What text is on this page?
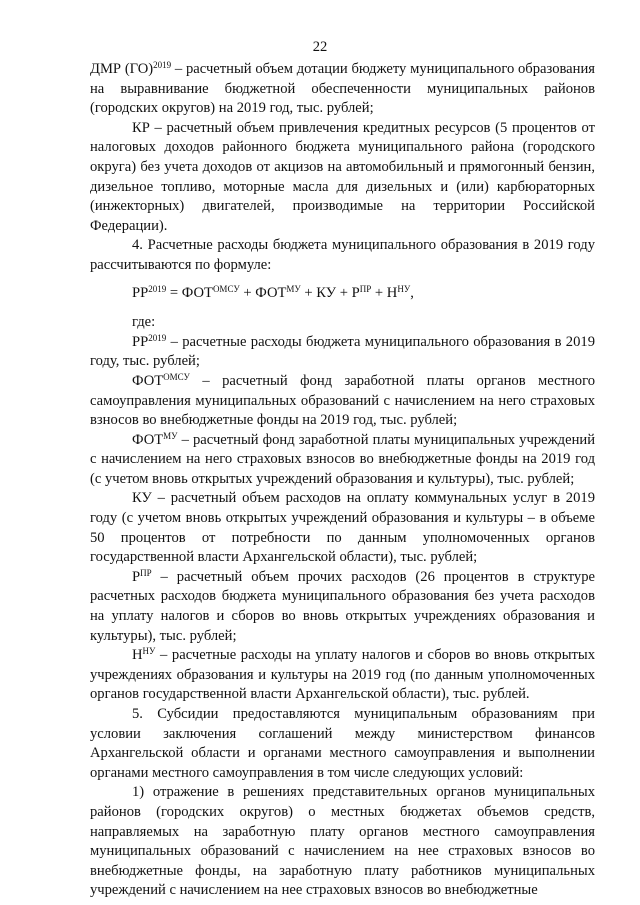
22
ДМР (ГО)$^{2019}$ – расчетный объем дотации бюджету муниципального образования на выравнивание бюджетной обеспеченности муниципальных районов (городских округов) на 2019 год, тыс. рублей;
КР – расчетный объем привлечения кредитных ресурсов (5 процентов от налоговых доходов районного бюджета муниципального района (городского округа) без учета доходов от акцизов на автомобильный и прямогонный бензин, дизельное топливо, моторные масла для дизельных и (или) карбюраторных (инжекторных) двигателей, производимые на территории Российской Федерации).
4. Расчетные расходы бюджета муниципального образования в 2019 году рассчитываются по формуле:
$РР^{2019} = ФОТ^{ОМСУ} + ФОТ^{МУ}$ + КУ + $Р^{ПР} + Н^{НУ}$,
где:
$РР^{2019}$ – расчетные расходы бюджета муниципального образования в 2019 году, тыс. рублей;
$ФОТ^{ОМСУ}$ – расчетный фонд заработной платы органов местного самоуправления муниципальных образований с начислением на него страховых взносов во внебюджетные фонды на 2019 год, тыс. рублей;
$ФОТ^{МУ}$ – расчетный фонд заработной платы муниципальных учреждений с начислением на него страховых взносов во внебюджетные фонды на 2019 год (с учетом вновь открытых учреждений образования и культуры), тыс. рублей;
КУ – расчетный объем расходов на оплату коммунальных услуг в 2019 году (с учетом вновь открытых учреждений образования и культуры – в объеме 50 процентов от потребности по данным уполномоченных органов государственной власти Архангельской области), тыс. рублей;
$Р^{ПР}$ – расчетный объем прочих расходов (26 процентов в структуре расчетных расходов бюджета муниципального образования без учета расходов на уплату налогов и сборов во вновь открытых учреждениях образования и культуры), тыс. рублей;
$Н^{НУ}$ – расчетные расходы на уплату налогов и сборов во вновь открытых учреждениях образования и культуры на 2019 год (по данным уполномоченных органов государственной власти Архангельской области), тыс. рублей.
5. Субсидии предоставляются муниципальным образованиям при условии заключения соглашений между министерством финансов Архангельской области и органами местного самоуправления и выполнении органами местного самоуправления в том числе следующих условий:
1) отражение в решениях представительных органов муниципальных районов (городских округов) о местных бюджетах объемов средств, направляемых на заработную плату органов местного самоуправления муниципальных образований с начислением на нее страховых взносов во внебюджетные фонды, на заработную плату работников муниципальных учреждений с начислением на нее страховых взносов во внебюджетные
